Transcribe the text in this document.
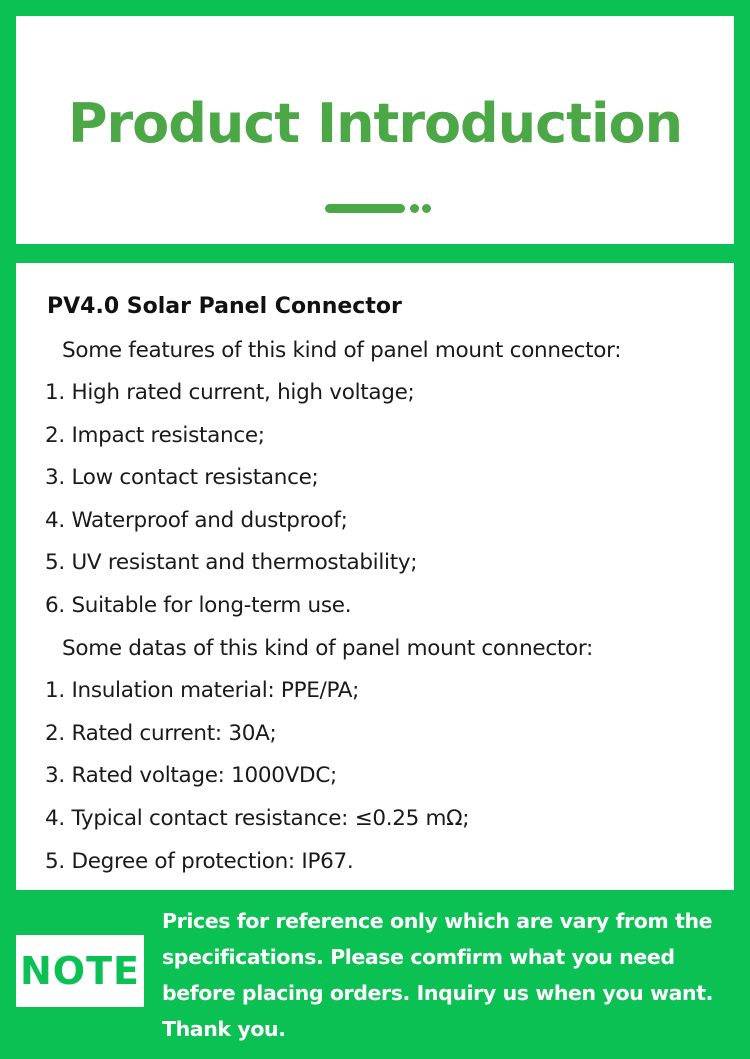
Product Introduction
PV4.0 Solar Panel Connector
Some features of this kind of panel mount connector:
1. High rated current, high voltage;
2. Impact resistance;
3. Low contact resistance;
4. Waterproof and dustproof;
5. UV resistant and thermostability;
6. Suitable for long-term use.
Some datas of this kind of panel mount connector:
1. Insulation material: PPE/PA;
2. Rated current: 30A;
3. Rated voltage: 1000VDC;
4. Typical contact resistance: ≤0.25 mΩ;
5. Degree of protection: IP67.
NOTE
Prices for reference only which are vary from the
specifications. Please comfirm what you need
before placing orders. Inquiry us when you want.
Thank you.
